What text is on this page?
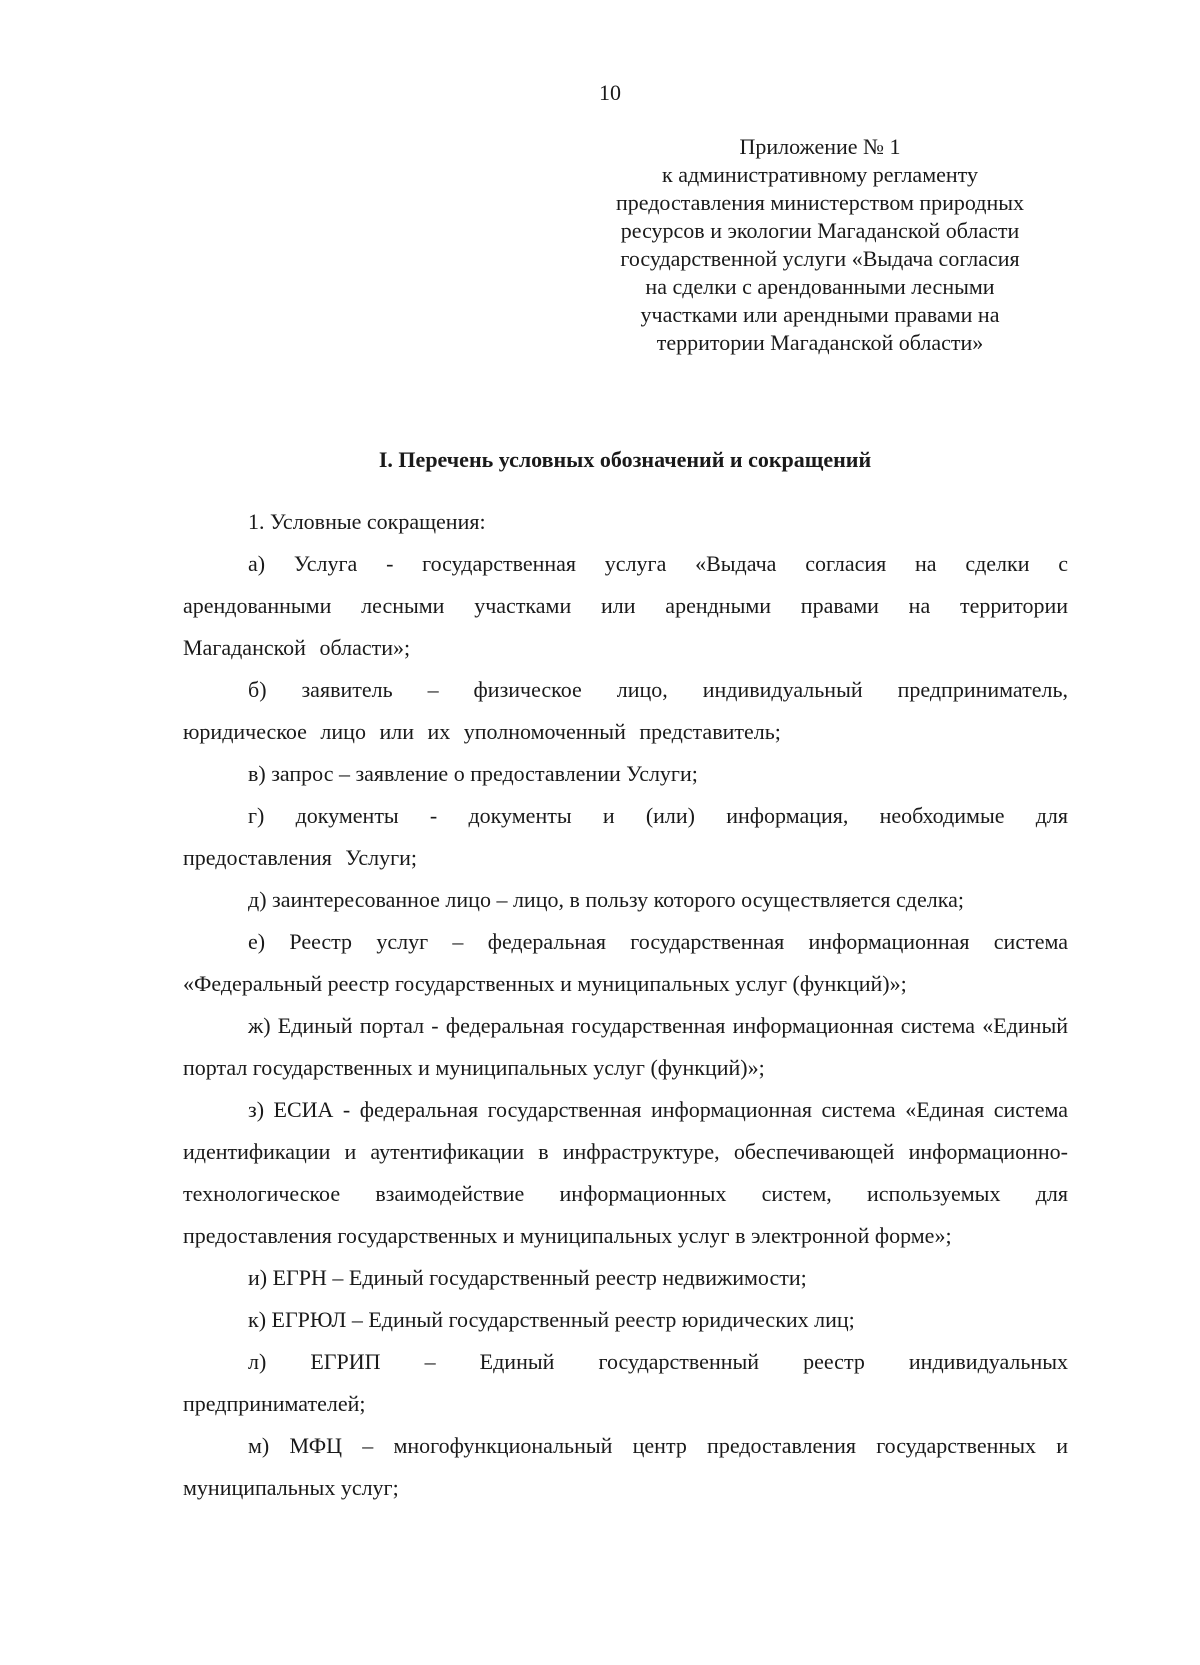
10
Приложение № 1
к административному регламенту
предоставления министерством природных
ресурсов и экологии Магаданской области
государственной услуги «Выдача согласия
на сделки с арендованными лесными
участками или арендными правами на
территории Магаданской области»
I. Перечень условных обозначений и сокращений

1. Условные сокращения:

а) Услуга - государственная услуга «Выдача согласия на сделки с арендованными лесными участками или арендными правами на территории Магаданской области»;

б) заявитель – физическое лицо, индивидуальный предприниматель, юридическое лицо или их уполномоченный представитель;

в) запрос – заявление о предоставлении Услуги;

г) документы - документы и (или) информация, необходимые для предоставления Услуги;

д) заинтересованное лицо – лицо, в пользу которого осуществляется сделка;

е) Реестр услуг – федеральная государственная информационная система «Федеральный реестр государственных и муниципальных услуг (функций)»;

ж) Единый портал - федеральная государственная информационная система «Единый портал государственных и муниципальных услуг (функций)»;

з) ЕСИА - федеральная государственная информационная система «Единая система идентификации и аутентификации в инфраструктуре, обеспечивающей информационно-технологическое взаимодействие информационных систем, используемых для предоставления государственных и муниципальных услуг в электронной форме»;

и) ЕГРН – Единый государственный реестр недвижимости;

к) ЕГРЮЛ – Единый государственный реестр юридических лиц;

л) ЕГРИП – Единый государственный реестр индивидуальных предпринимателей;

м) МФЦ – многофункциональный центр предоставления государственных и муниципальных услуг;
